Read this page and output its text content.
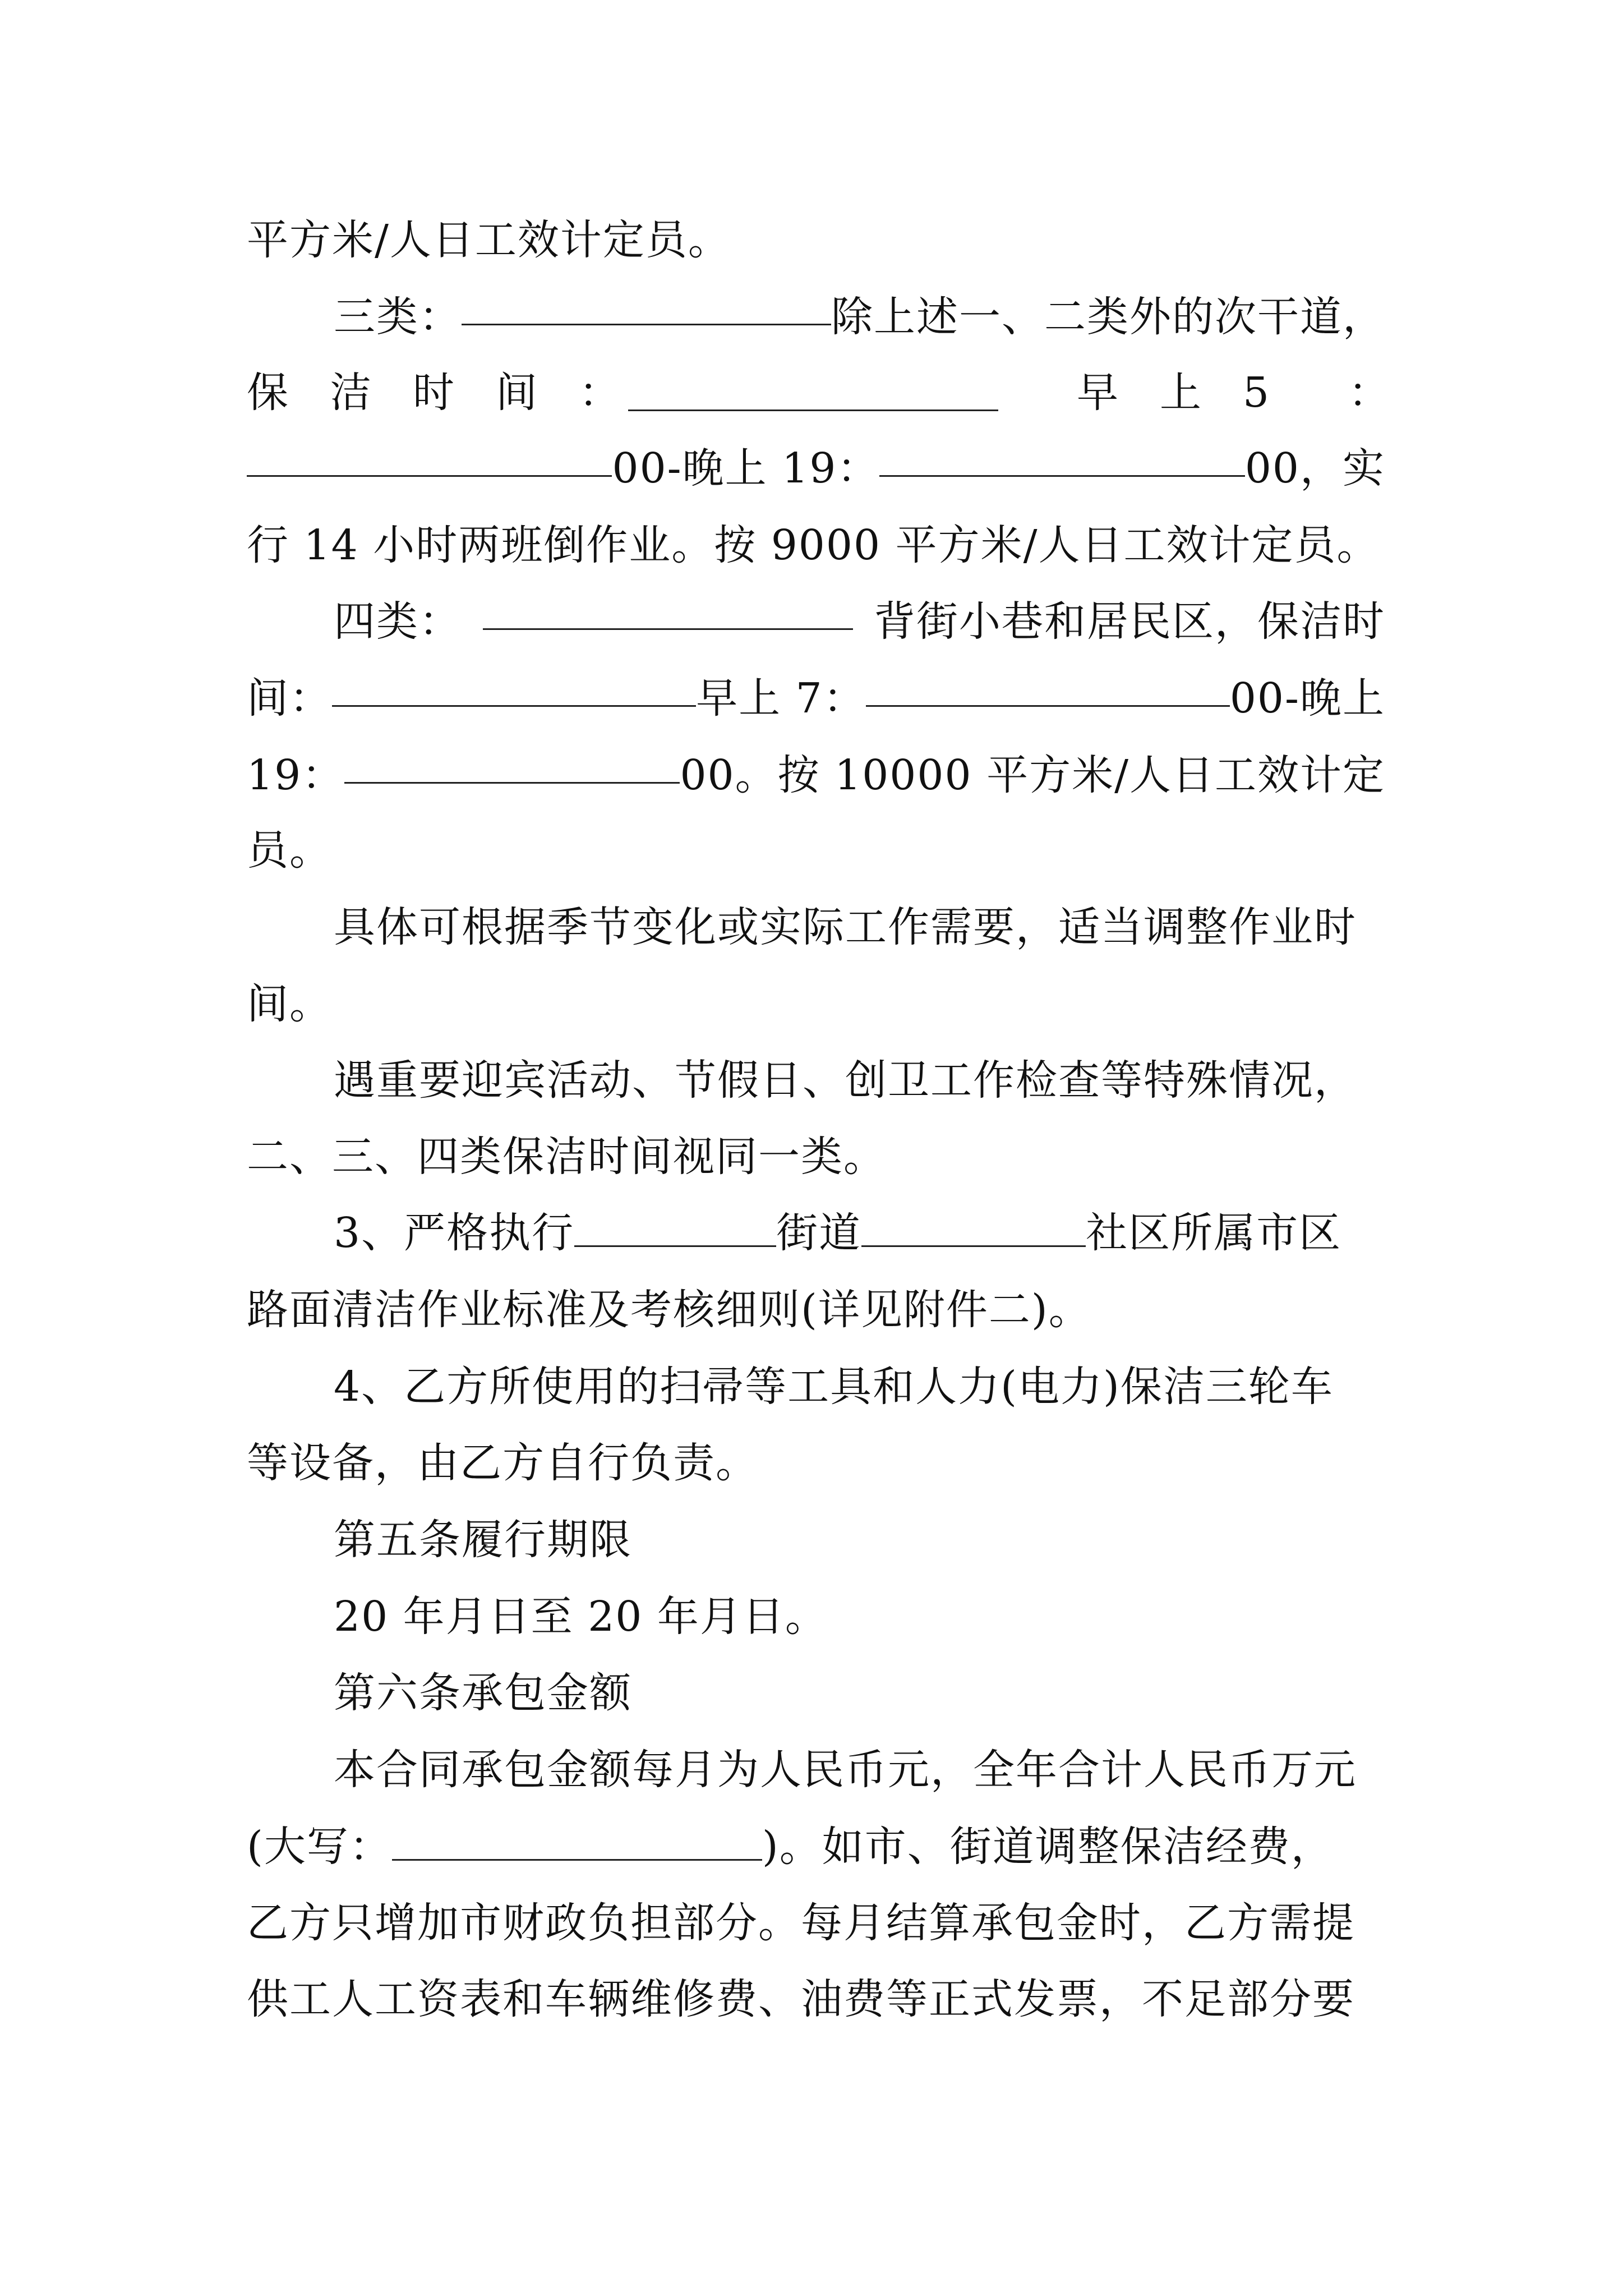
平方米/人日工效计定员。
三类：	除上述一、二类外的次干道，
保 洁 时 间 ：	早 上 5 ：
00-晚上 19：	00，实
行 14 小时两班倒作业。按 9000 平方米/人日工效计定员。
四类：	背街小巷和居民区，保洁时
间：	早上 7：	00-晚上
19：	00。按 10000 平方米/人日工效计定
员。
具体可根据季节变化或实际工作需要，适当调整作业时
间。
遇重要迎宾活动、节假日、创卫工作检查等特殊情况，
二、三、四类保洁时间视同一类。
3、严格执行	街道	社区所属市区
路面清洁作业标准及考核细则(详见附件二)。
4、乙方所使用的扫帚等工具和人力(电力)保洁三轮车
等设备，由乙方自行负责。
第五条履行期限
20 年月日至 20 年月日。
第六条承包金额
本合同承包金额每月为人民币元，全年合计人民币万元
(大写：	)。如市、街道调整保洁经费，
乙方只增加市财政负担部分。每月结算承包金时，乙方需提
供工人工资表和车辆维修费、油费等正式发票，不足部分要
